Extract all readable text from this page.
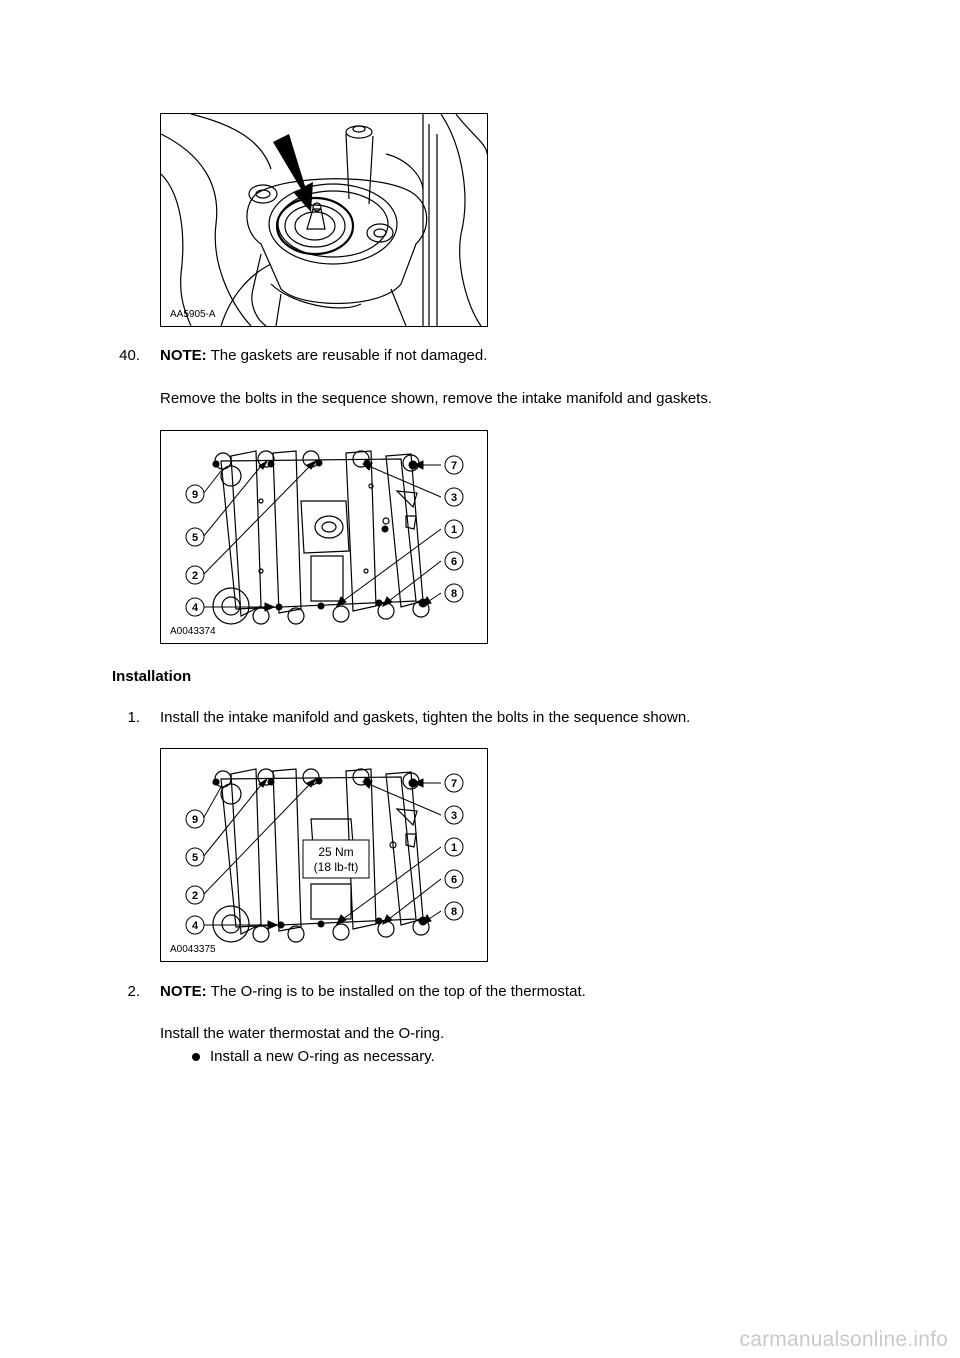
AA5905-A
40. NOTE: The gaskets are reusable if not damaged.
Remove the bolts in the sequence shown, remove the intake manifold and gaskets.
9
5
2
4
7
3
1
6
8
A0043374
Installation
1. Install the intake manifold and gaskets, tighten the bolts in the sequence shown.
25 Nm
(18 lb-ft)
9
5
2
4
7
3
1
6
8
A0043375
2. NOTE: The O-ring is to be installed on the top of the thermostat.
Install the water thermostat and the O-ring.
Install a new O-ring as necessary.
carmanualsonline.info
